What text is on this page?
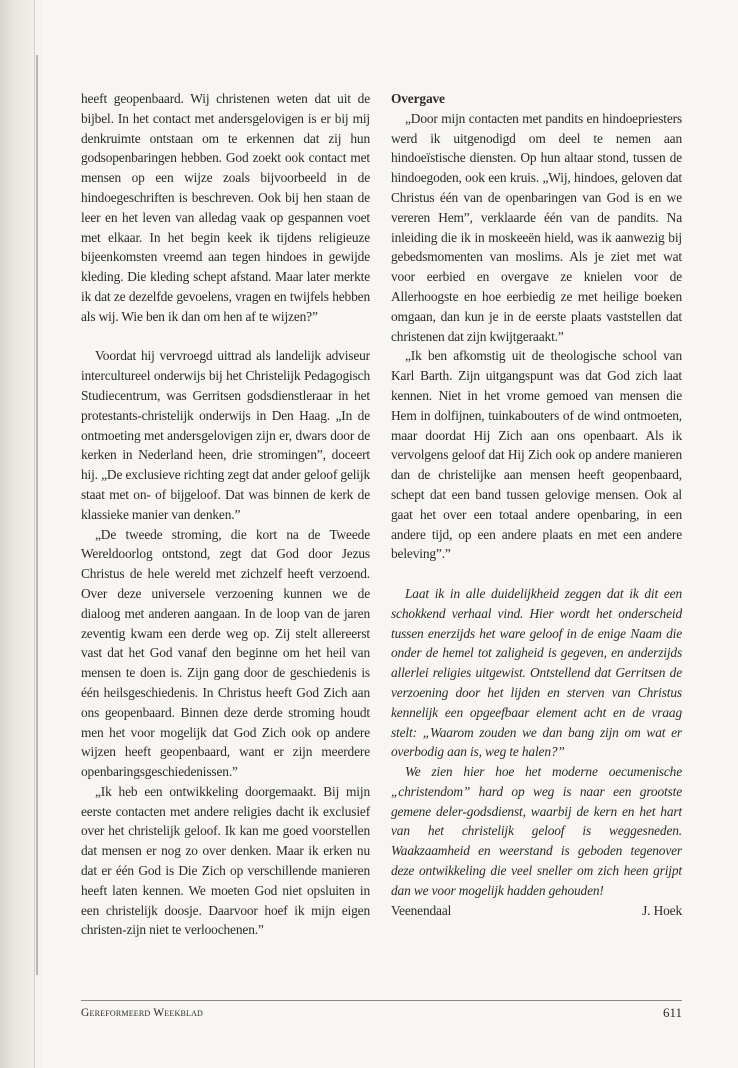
heeft geopenbaard. Wij christenen weten dat uit de bijbel. In het contact met andersgelovigen is er bij mij denkruimte ontstaan om te erkennen dat zij hun godsopenbaringen hebben. God zoekt ook contact met mensen op een wijze zoals bijvoorbeeld in de hindoegeschriften is beschreven. Ook bij hen staan de leer en het leven van alledag vaak op gespannen voet met elkaar. In het begin keek ik tijdens religieuze bijeenkomsten vreemd aan tegen hindoes in gewijde kleding. Die kleding schept afstand. Maar later merkte ik dat ze dezelfde gevoelens, vragen en twijfels hebben als wij. Wie ben ik dan om hen af te wijzen?”

Voordat hij vervroegd uittrad als landelijk adviseur intercultureel onderwijs bij het Christelijk Pedagogisch Studiecentrum, was Gerritsen godsdienstleraar in het protestants-christelijk onderwijs in Den Haag. „In de ontmoeting met andersgelovigen zijn er, dwars door de kerken in Nederland heen, drie stromingen”, doceert hij. „De exclusieve richting zegt dat ander geloof gelijk staat met on- of bijgeloof. Dat was binnen de kerk de klassieke manier van denken.”

„De tweede stroming, die kort na de Tweede Wereldoorlog ontstond, zegt dat God door Jezus Christus de hele wereld met zichzelf heeft verzoend. Over deze universele verzoening kunnen we de dialoog met anderen aangaan. In de loop van de jaren zeventig kwam een derde weg op. Zij stelt allereerst vast dat het God vanaf den beginne om het heil van mensen te doen is. Zijn gang door de geschiedenis is één heilsgeschiedenis. In Christus heeft God Zich aan ons geopenbaard. Binnen deze derde stroming houdt men het voor mogelijk dat God Zich ook op andere wijzen heeft geopenbaard, want er zijn meerdere openbaringsgeschiedenissen.”

„Ik heb een ontwikkeling doorgemaakt. Bij mijn eerste contacten met andere religies dacht ik exclusief over het christelijk geloof. Ik kan me goed voorstellen dat mensen er nog zo over denken. Maar ik erken nu dat er één God is Die Zich op verschillende manieren heeft laten kennen. We moeten God niet opsluiten in een christelijk doosje. Daarvoor hoef ik mijn eigen christen-zijn niet te verloochenen.”

Overgave

„Door mijn contacten met pandits en hindoepriesters werd ik uitgenodigd om deel te nemen aan hindoeïstische diensten. Op hun altaar stond, tussen de hindoegoden, ook een kruis. „Wij, hindoes, geloven dat Christus één van de openbaringen van God is en we vereren Hem”, verklaarde één van de pandits. Na inleiding die ik in moskeeën hield, was ik aanwezig bij gebedsmomenten van moslims. Als je ziet met wat voor eerbied en overgave ze knielen voor de Allerhoogste en hoe eerbiedig ze met heilige boeken omgaan, dan kun je in de eerste plaats vaststellen dat christenen dat zijn kwijtgeraakt.”

„Ik ben afkomstig uit de theologische school van Karl Barth. Zijn uitgangspunt was dat God zich laat kennen. Niet in het vrome gemoed van mensen die Hem in dolfijnen, tuinkabouters of de wind ontmoeten, maar doordat Hij Zich aan ons openbaart. Als ik vervolgens geloof dat Hij Zich ook op andere manieren dan de christelijke aan mensen heeft geopenbaard, schept dat een band tussen gelovige mensen. Ook al gaat het over een totaal andere openbaring, in een andere tijd, op een andere plaats en met een andere beleving”.”

Laat ik in alle duidelijkheid zeggen dat ik dit een schokkend verhaal vind. Hier wordt het onderscheid tussen enerzijds het ware geloof in de enige Naam die onder de hemel tot zaligheid is gegeven, en anderzijds allerlei religies uitgewist. Ontstellend dat Gerritsen de verzoening door het lijden en sterven van Christus kennelijk een opgeefbaar element acht en de vraag stelt: „Waarom zouden we dan bang zijn om wat er overbodig aan is, weg te halen?”

We zien hier hoe het moderne oecumenische „christendom” hard op weg is naar een grootste gemene deler-godsdienst, waarbij de kern en het hart van het christelijk geloof is weggesneden. Waakzaamheid en weerstand is geboden tegenover deze ontwikkeling die veel sneller om zich heen grijpt dan we voor mogelijk hadden gehouden!

Veenendaal	J. Hoek
Gereformeerd Weekblad	611
